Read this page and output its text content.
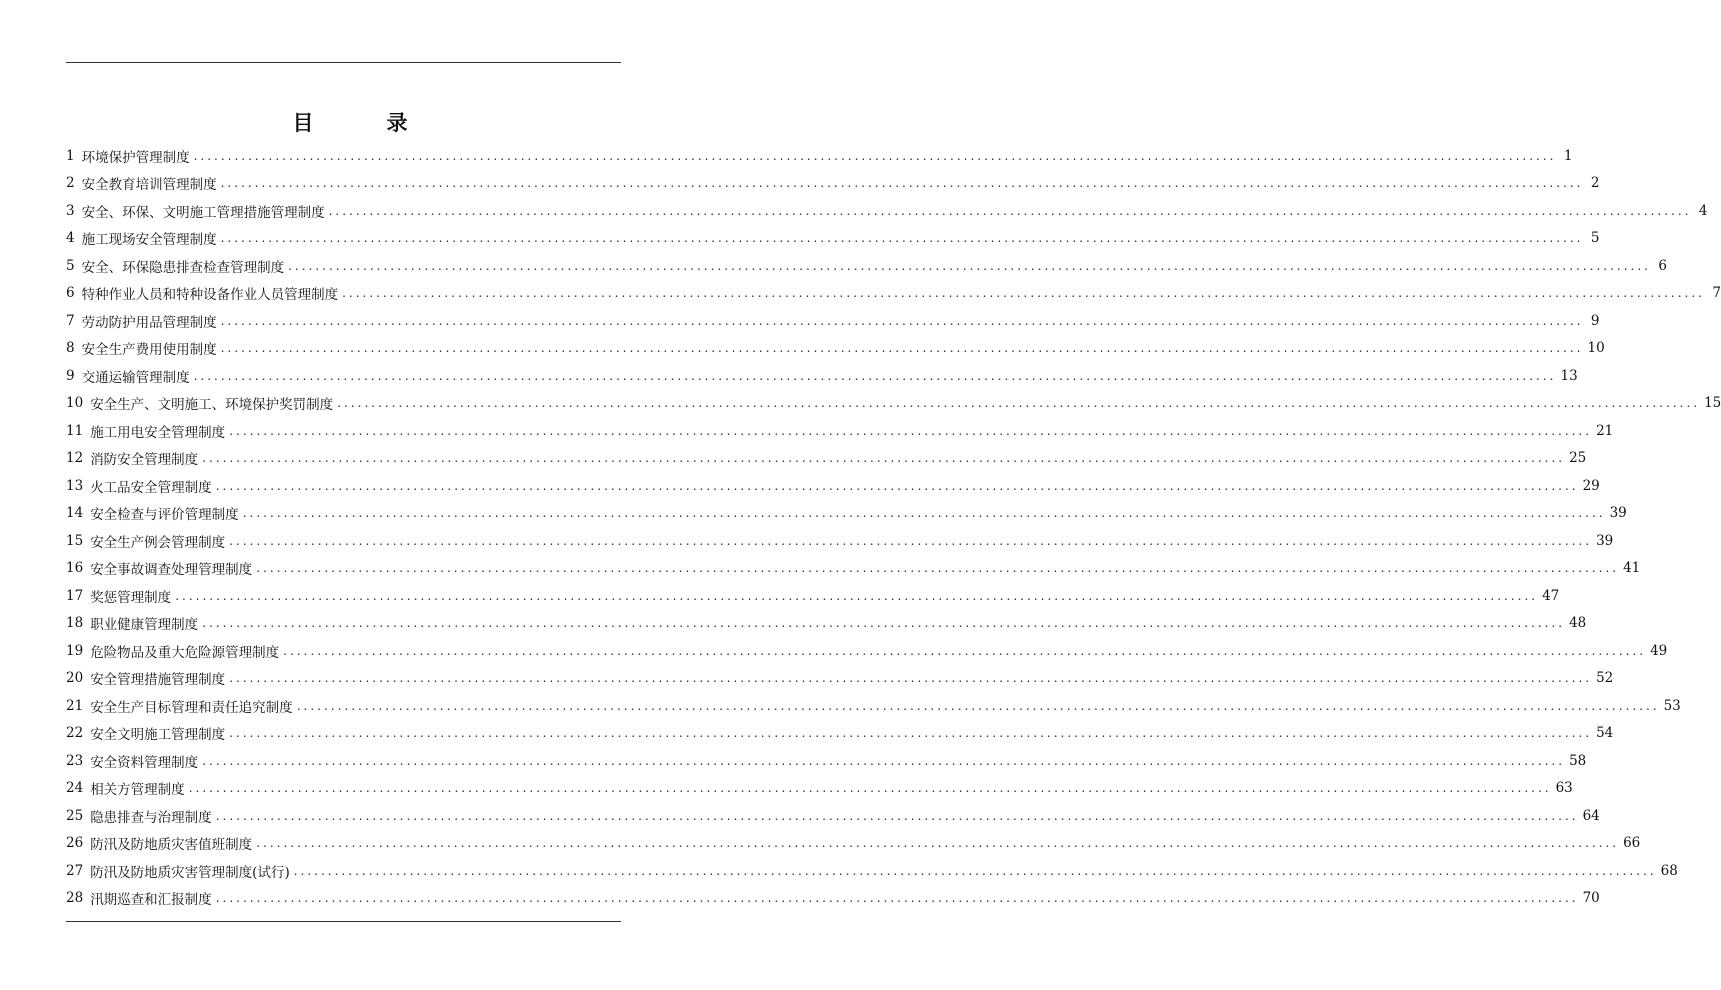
目　录
1 环境保护管理制度 ........................................................................................................................................................................................................ 1
2 安全教育培训管理制度 ........................................................................................................................................................................................................ 2
3 安全、环保、文明施工管理措施管理制度 ........................................................................................................................................................................................................ 4
4 施工现场安全管理制度 ........................................................................................................................................................................................................ 5
5 安全、环保隐患排查检查管理制度 ........................................................................................................................................................................................................ 6
6 特种作业人员和特种设备作业人员管理制度 ........................................................................................................................................................................................................ 7
7 劳动防护用品管理制度 ........................................................................................................................................................................................................ 9
8 安全生产费用使用制度 ........................................................................................................................................................................................................ 10
9 交通运输管理制度 ........................................................................................................................................................................................................ 13
10 安全生产、文明施工、环境保护奖罚制度 ........................................................................................................................................................................................................ 15
11 施工用电安全管理制度 ........................................................................................................................................................................................................ 21
12 消防安全管理制度 ........................................................................................................................................................................................................ 25
13 火工品安全管理制度 ........................................................................................................................................................................................................ 29
14 安全检查与评价管理制度 ........................................................................................................................................................................................................ 39
15 安全生产例会管理制度 ........................................................................................................................................................................................................ 39
16 安全事故调查处理管理制度 ........................................................................................................................................................................................................ 41
17 奖惩管理制度 ........................................................................................................................................................................................................ 47
18 职业健康管理制度 ........................................................................................................................................................................................................ 48
19 危险物品及重大危险源管理制度 ........................................................................................................................................................................................................ 49
20 安全管理措施管理制度 ........................................................................................................................................................................................................ 52
21 安全生产目标管理和责任追究制度 ........................................................................................................................................................................................................ 53
22 安全文明施工管理制度 ........................................................................................................................................................................................................ 54
23 安全资料管理制度 ........................................................................................................................................................................................................ 58
24 相关方管理制度 ........................................................................................................................................................................................................ 63
25 隐患排查与治理制度 ........................................................................................................................................................................................................ 64
26 防汛及防地质灾害值班制度 ........................................................................................................................................................................................................ 66
27 防汛及防地质灾害管理制度(试行) ........................................................................................................................................................................................................ 68
28 汛期巡查和汇报制度 ........................................................................................................................................................................................................ 70
